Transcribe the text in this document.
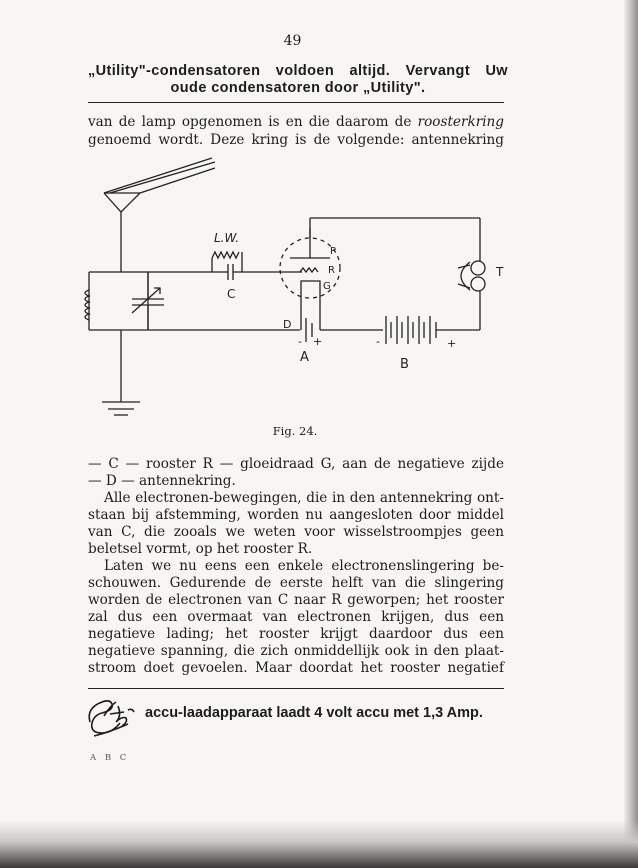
49
„Utility"-condensatoren voldoen altijd. Vervangt Uw
oude condensatoren door „Utility".
van de lamp opgenomen is en die daarom de roosterkring
genoemd wordt. Deze kring is de volgende: antennekring
L.W.
C
P
R
G
D
- +
A
-	+
B
T
Fig. 24.
— C — rooster R — gloeidraad G, aan de negatieve zijde
— D — antennekring.
Alle electronen-bewegingen, die in den antennekring ont-
staan bij afstemming, worden nu aangesloten door middel
van C, die zooals we weten voor wisselstroompjes geen
beletsel vormt, op het rooster R.
Laten we nu eens een enkele electronenslingering be-
schouwen. Gedurende de eerste helft van die slingering
worden de electronen van C naar R geworpen; het rooster
zal dus een overmaat van electronen krijgen, dus een
negatieve lading; het rooster krijgt daardoor dus een
negatieve spanning, die zich onmiddellijk ook in den plaat-
stroom doet gevoelen. Maar doordat het rooster negatief
accu-laadapparaat laadt 4 volt accu met 1,3 Amp.
A B C
